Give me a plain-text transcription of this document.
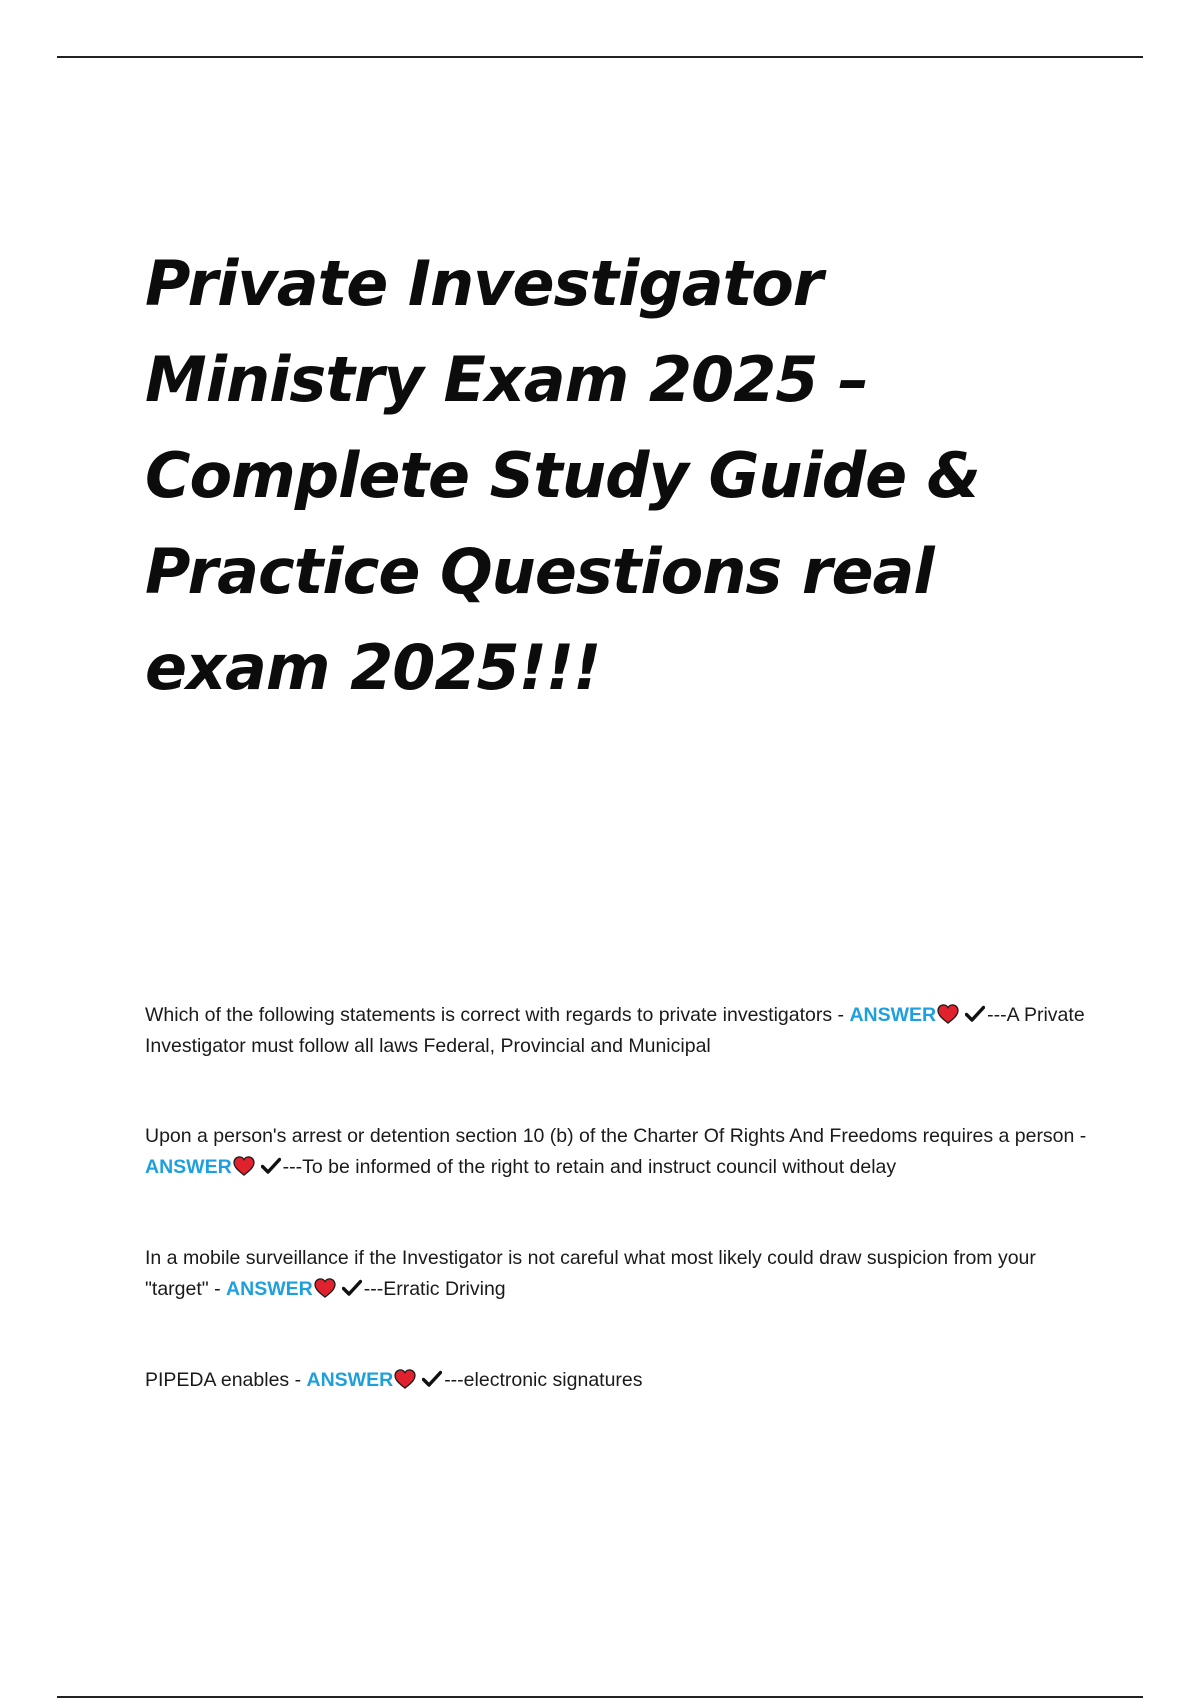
Private Investigator Ministry Exam 2025 – Complete Study Guide & Practice Questions real exam 2025!!!

Which of the following statements is correct with regards to private investigators - ANSWER	---A Private Investigator must follow all laws Federal, Provincial and Municipal

Upon a person's arrest or detention section 10 (b) of the Charter Of Rights And Freedoms requires a person - ANSWER	---To be informed of the right to retain and instruct council without delay

In a mobile surveillance if the Investigator is not careful what most likely could draw suspicion from your "target" - ANSWER	---Erratic Driving

PIPEDA enables - ANSWER	---electronic signatures
